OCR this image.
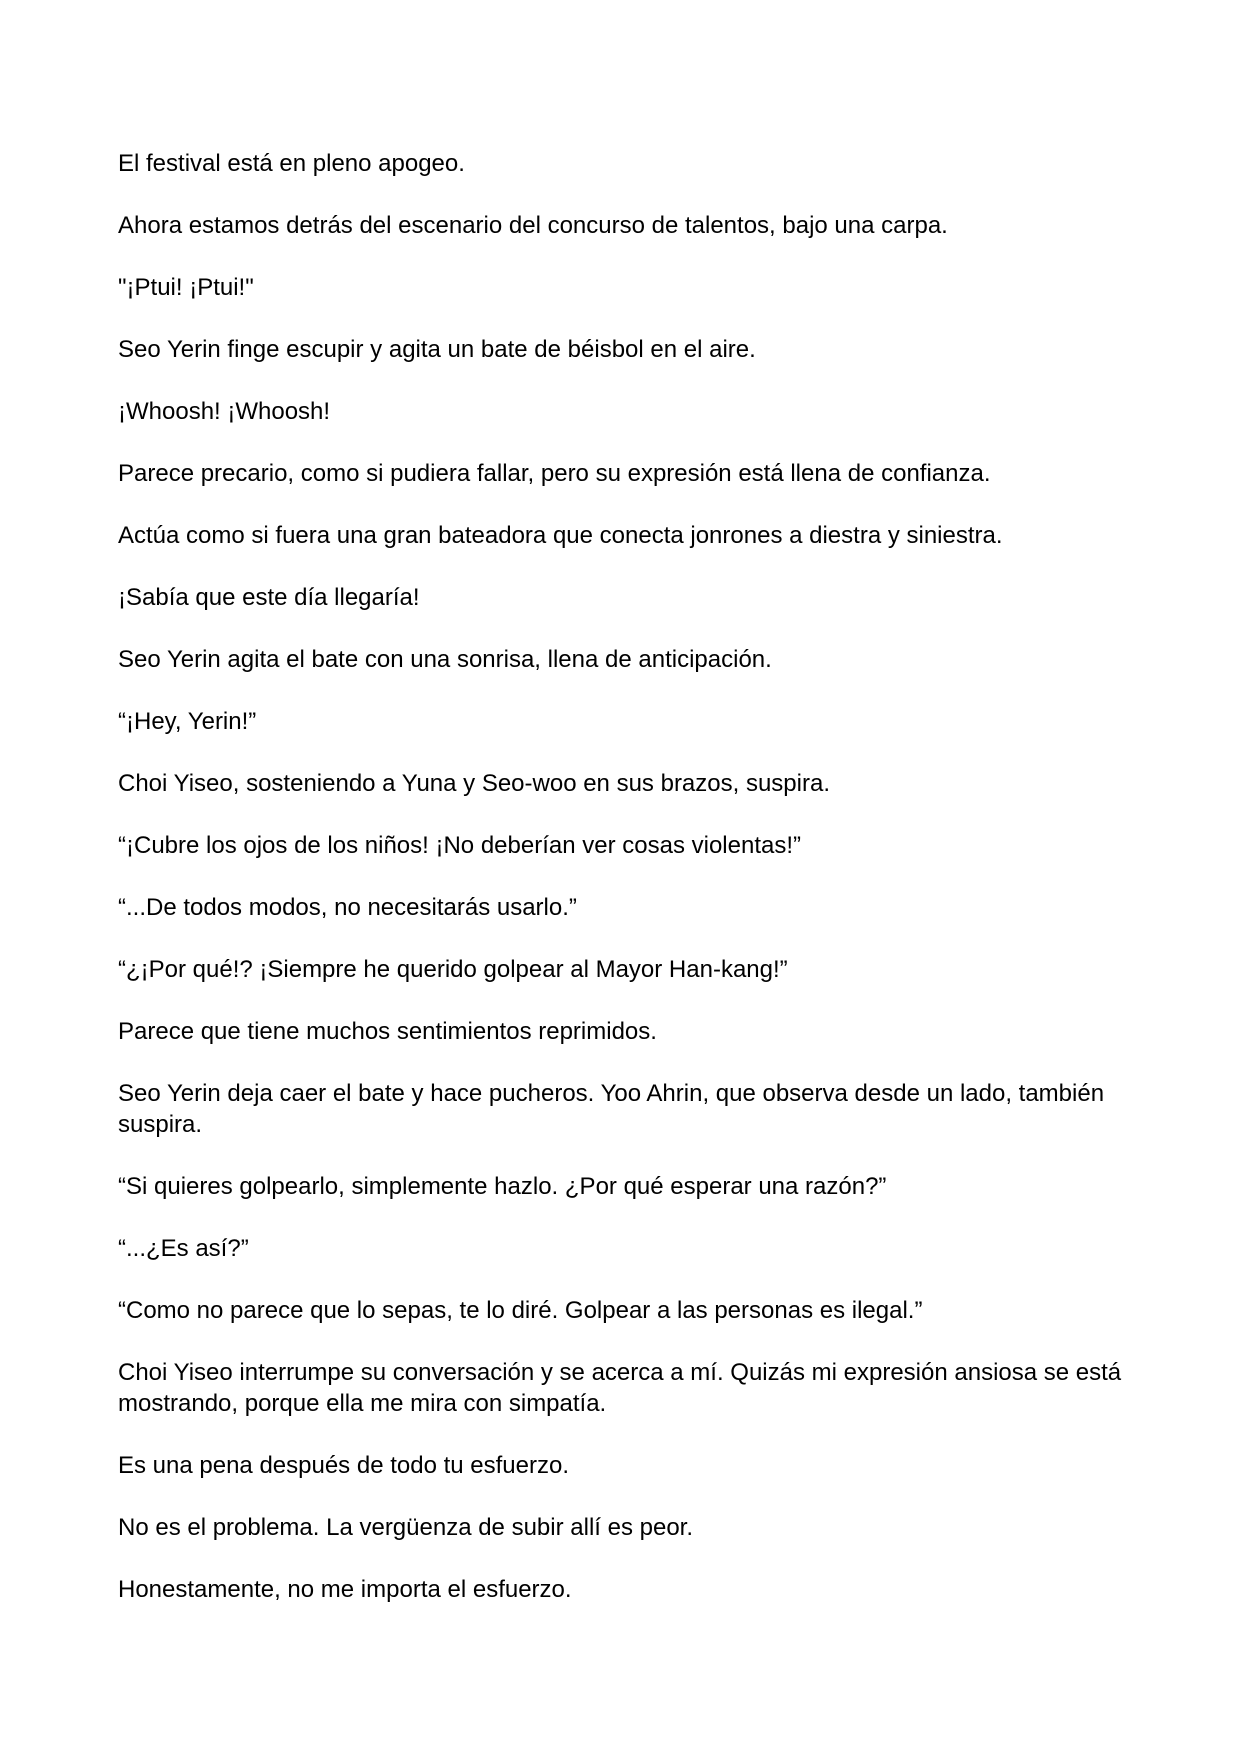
El festival está en pleno apogeo.

Ahora estamos detrás del escenario del concurso de talentos, bajo una carpa.

"¡Ptui! ¡Ptui!"

Seo Yerin finge escupir y agita un bate de béisbol en el aire.

¡Whoosh! ¡Whoosh!

Parece precario, como si pudiera fallar, pero su expresión está llena de confianza.

Actúa como si fuera una gran bateadora que conecta jonrones a diestra y siniestra.

¡Sabía que este día llegaría!

Seo Yerin agita el bate con una sonrisa, llena de anticipación.

“¡Hey, Yerin!”

Choi Yiseo, sosteniendo a Yuna y Seo-woo en sus brazos, suspira.

“¡Cubre los ojos de los niños! ¡No deberían ver cosas violentas!”

“...De todos modos, no necesitarás usarlo.”

“¿¡Por qué!? ¡Siempre he querido golpear al Mayor Han-kang!”

Parece que tiene muchos sentimientos reprimidos.

Seo Yerin deja caer el bate y hace pucheros. Yoo Ahrin, que observa desde un lado, también suspira.

“Si quieres golpearlo, simplemente hazlo. ¿Por qué esperar una razón?”

“...¿Es así?”

“Como no parece que lo sepas, te lo diré. Golpear a las personas es ilegal.”

Choi Yiseo interrumpe su conversación y se acerca a mí. Quizás mi expresión ansiosa se está mostrando, porque ella me mira con simpatía.

Es una pena después de todo tu esfuerzo.

No es el problema. La vergüenza de subir allí es peor.

Honestamente, no me importa el esfuerzo.
